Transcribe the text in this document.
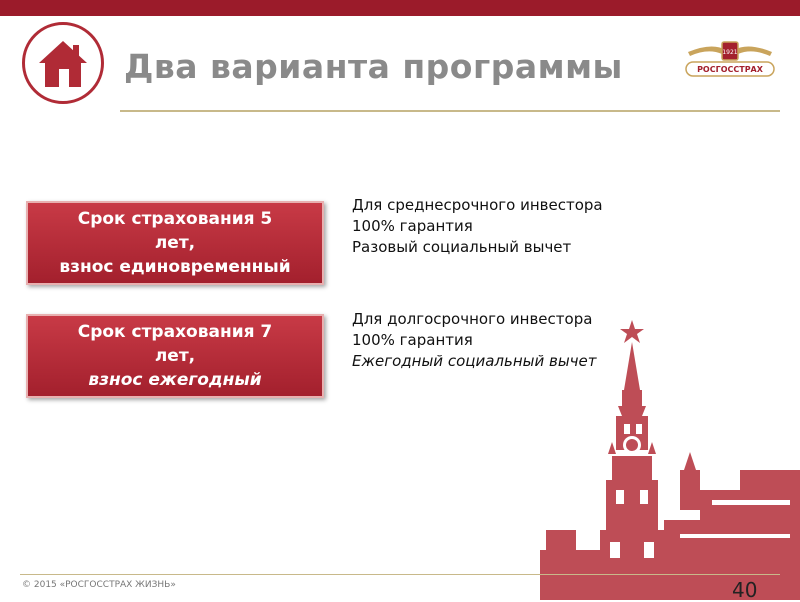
Два варианта программы	1921
РОСГОССТРАХ
Срок страхования 5
лет,
взнос единовременный
Для среднесрочного инвестора
100% гарантия
Разовый социальный вычет
Срок страхования 7
лет,
взнос ежегодный
Для долгосрочного инвестора
100% гарантия
Ежегодный социальный вычет
© 2015 «РОСГОССТРАХ ЖИЗНЬ»	40
